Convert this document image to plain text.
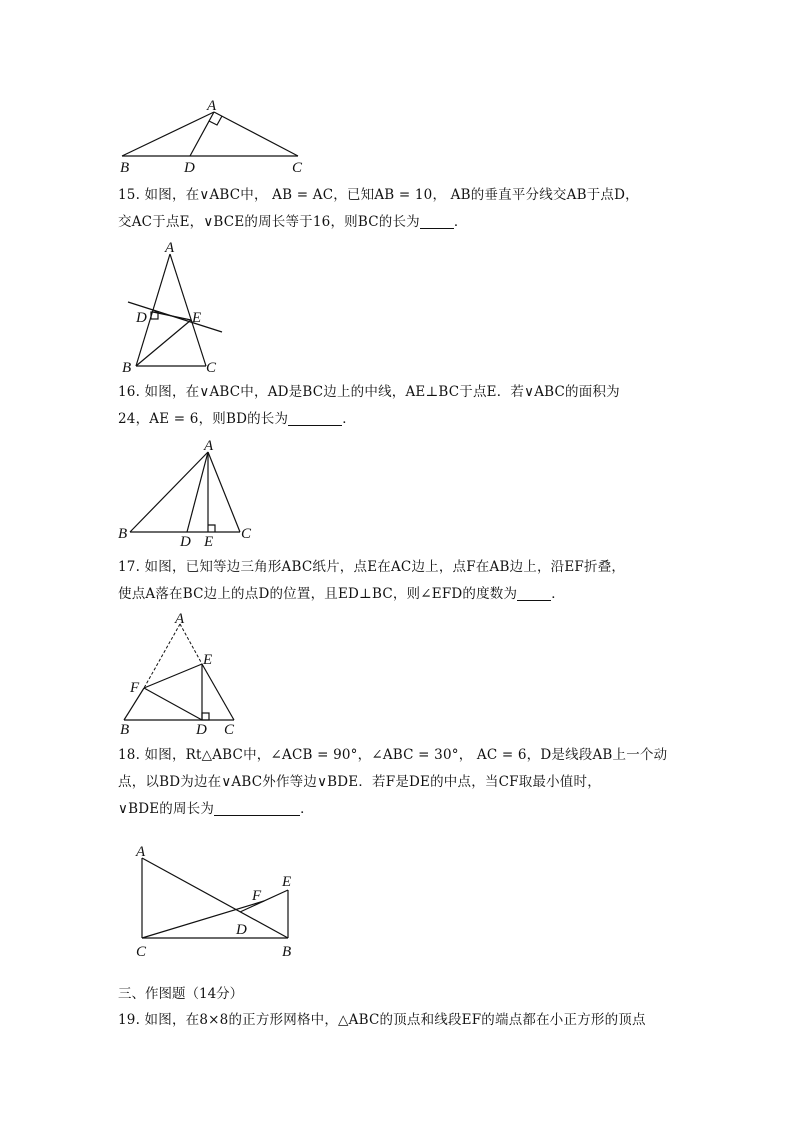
A
B	D	C

15. 如图，在∨ABC中， AB = AC，已知AB = 10， AB的垂直平分线交AB于点D，

交AC于点E，∨BCE的周长等于16，则BC的长为	．

A
D	E
B	C

16. 如图，在∨ABC中，AD是BC边上的中线，AE⊥BC于点E．若∨ABC的面积为

24，AE = 6，则BD的长为	．

A
B	D E C

17. 如图，已知等边三角形ABC纸片，点E在AC边上，点F在AB边上，沿EF折叠，

使点A落在BC边上的点D的位置，且ED⊥BC，则∠EFD的度数为	．

A
E
F
B	D C

18. 如图，Rt△ABC中，∠ACB = 90°，∠ABC = 30°， AC = 6，D是线段AB上一个动

点，以BD为边在∨ABC外作等边∨BDE．若F是DE的中点，当CF取最小值时，

∨BDE的周长为	．

A
E
F
D
C	B
三、作图题（14分）

19. 如图，在8×8的正方形网格中，△ABC的顶点和线段EF的端点都在小正方形的顶点
